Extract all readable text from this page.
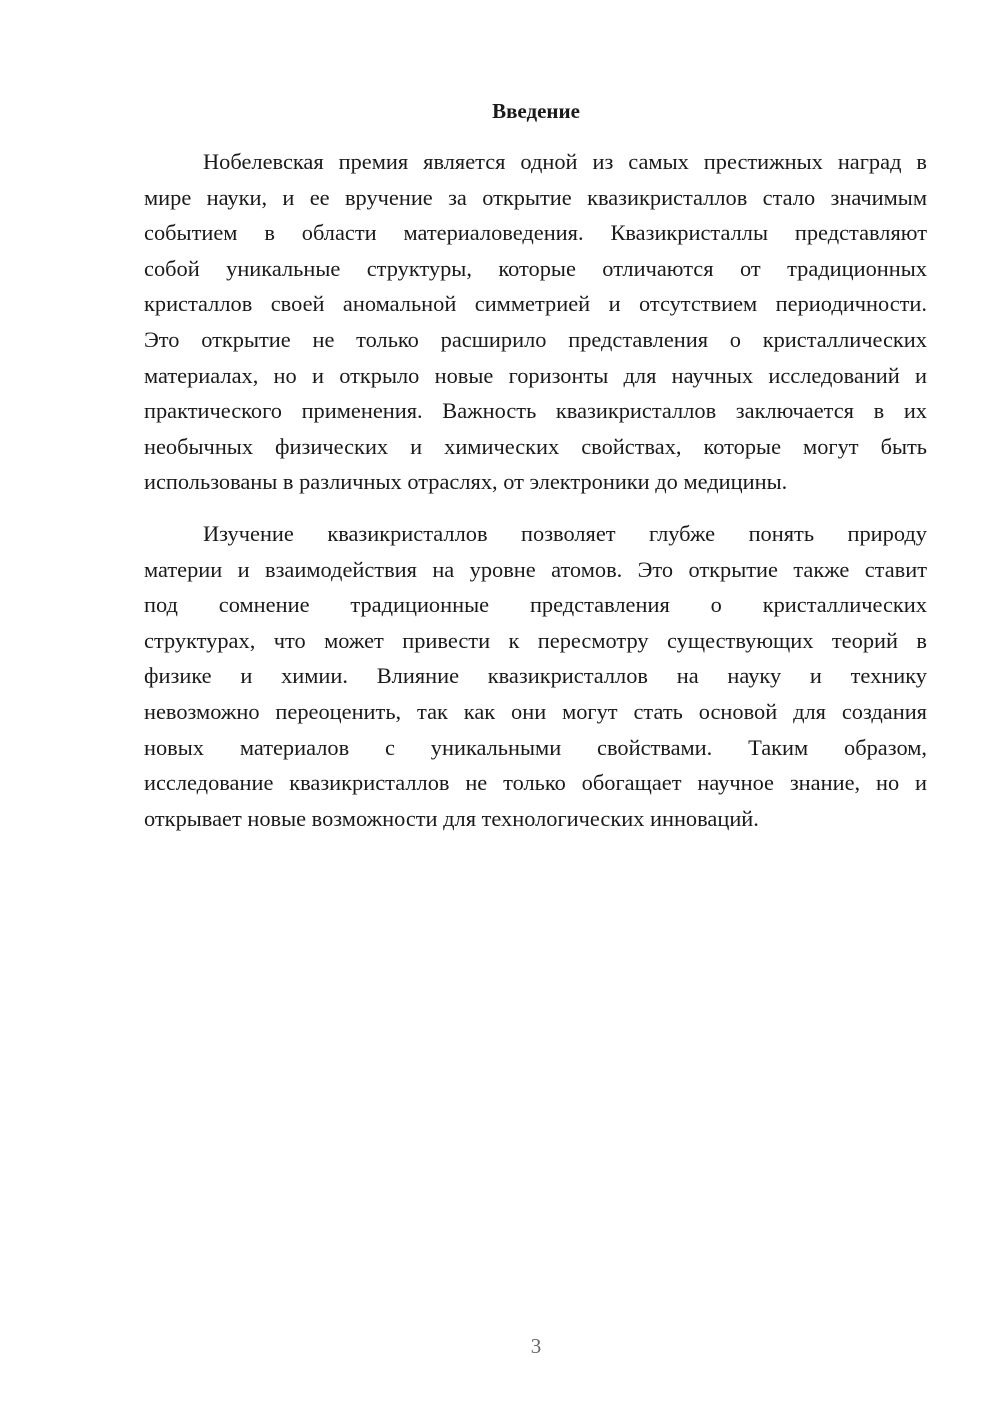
Введение
Нобелевская премия является одной из самых престижных наград в
мире науки, и ее вручение за открытие квазикристаллов стало значимым
событием в области материаловедения. Квазикристаллы представляют
собой уникальные структуры, которые отличаются от традиционных
кристаллов своей аномальной симметрией и отсутствием периодичности.
Это открытие не только расширило представления о кристаллических
материалах, но и открыло новые горизонты для научных исследований и
практического применения. Важность квазикристаллов заключается в их
необычных физических и химических свойствах, которые могут быть
использованы в различных отраслях, от электроники до медицины.
Изучение квазикристаллов позволяет глубже понять природу
материи и взаимодействия на уровне атомов. Это открытие также ставит
под сомнение традиционные представления о кристаллических
структурах, что может привести к пересмотру существующих теорий в
физике и химии. Влияние квазикристаллов на науку и технику
невозможно переоценить, так как они могут стать основой для создания
новых материалов с уникальными свойствами. Таким образом,
исследование квазикристаллов не только обогащает научное знание, но и
открывает новые возможности для технологических инноваций.
3
